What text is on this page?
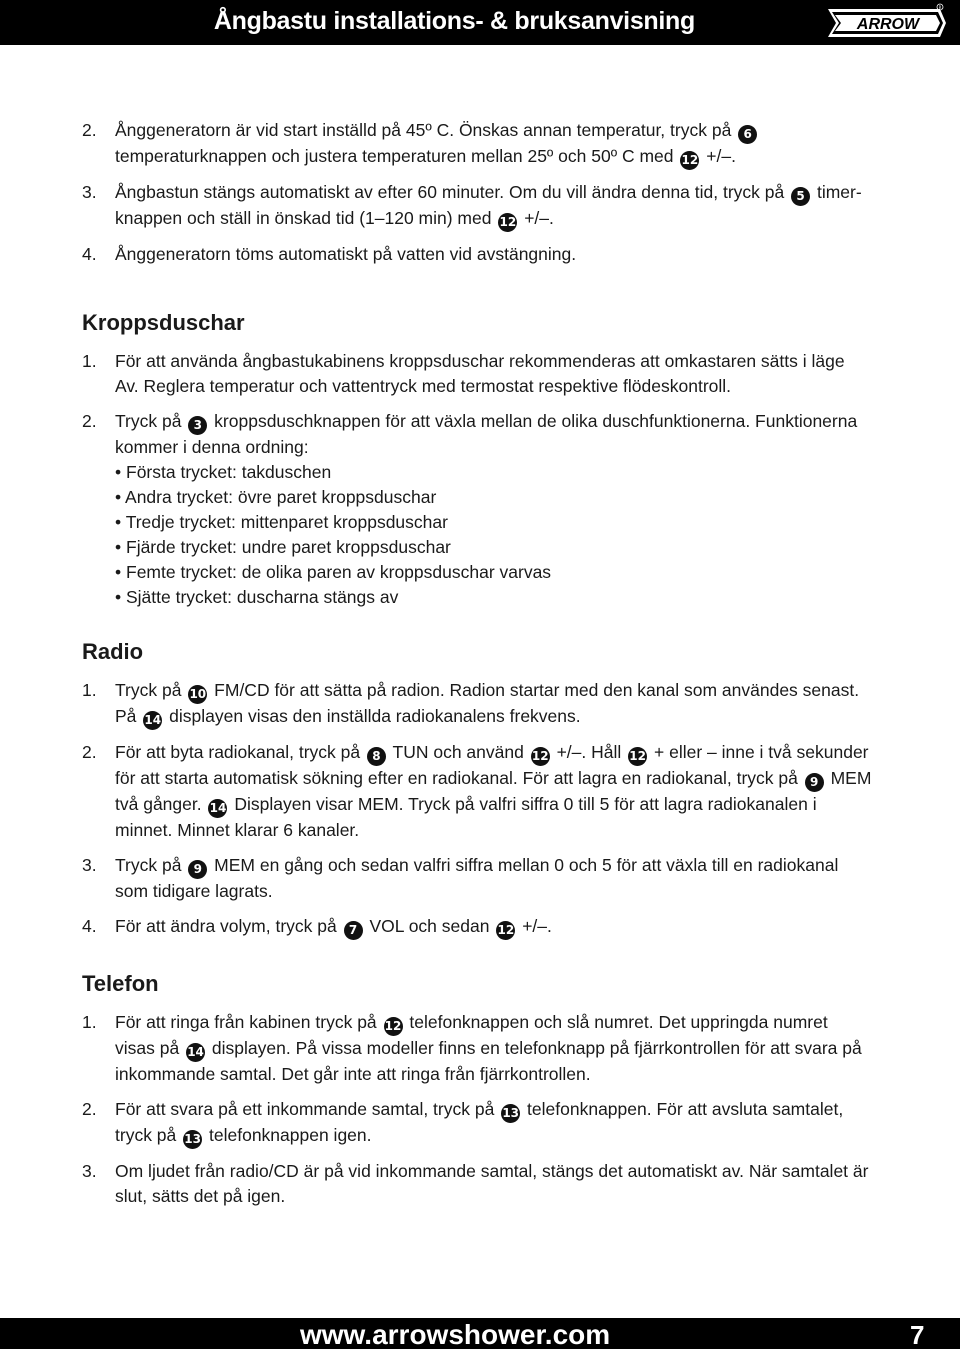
Ångbastu installations- & bruksanvisning	ARROW
R
2. Ånggeneratorn är vid start inställd på 45º C. Önskas annan temperatur, tryck på 6 temperaturknappen och justera temperaturen mellan 25º och 50º C med 12 +/–.
3. Ångbastun stängs automatiskt av efter 60 minuter. Om du vill ändra denna tid, tryck på 5 timer-knappen och ställ in önskad tid (1–120 min) med 12 +/–.
4. Ånggeneratorn töms automatiskt på vatten vid avstängning.
Kroppsduschar
1. För att använda ångbastukabinens kroppsduschar rekommenderas att omkastaren sätts i läge Av. Reglera temperatur och vattentryck med termostat respektive flödeskontroll.
2. Tryck på 3 kroppsduschknappen för att växla mellan de olika duschfunktionerna. Funktionerna kommer i denna ordning:
• Första trycket: takduschen
• Andra trycket: övre paret kroppsduschar
• Tredje trycket: mittenparet kroppsduschar
• Fjärde trycket: undre paret kroppsduschar
• Femte trycket: de olika paren av kroppsduschar varvas
• Sjätte trycket: duscharna stängs av
Radio
1. Tryck på 10 FM/CD för att sätta på radion. Radion startar med den kanal som användes senast. På 14 displayen visas den inställda radiokanalens frekvens.
2. För att byta radiokanal, tryck på 8 TUN och använd 12 +/–. Håll 12 + eller – inne i två sekunder för att starta automatisk sökning efter en radiokanal. För att lagra en radiokanal, tryck på 9 MEM två gånger. 14 Displayen visar MEM. Tryck på valfri siffra 0 till 5 för att lagra radiokanalen i minnet. Minnet klarar 6 kanaler.
3. Tryck på 9 MEM en gång och sedan valfri siffra mellan 0 och 5 för att växla till en radiokanal som tidigare lagrats.
4. För att ändra volym, tryck på 7 VOL och sedan 12 +/–.
Telefon
1. För att ringa från kabinen tryck på 12 telefonknappen och slå numret. Det uppringda numret visas på 14 displayen. På vissa modeller finns en telefonknapp på fjärrkontrollen för att svara på inkommande samtal. Det går inte att ringa från fjärrkontrollen.
2. För att svara på ett inkommande samtal, tryck på 13 telefonknappen. För att avsluta samtalet, tryck på 13 telefonknappen igen.
3. Om ljudet från radio/CD är på vid inkommande samtal, stängs det automatiskt av. När samtalet är slut, sätts det på igen.
www.arrowshower.com	7
